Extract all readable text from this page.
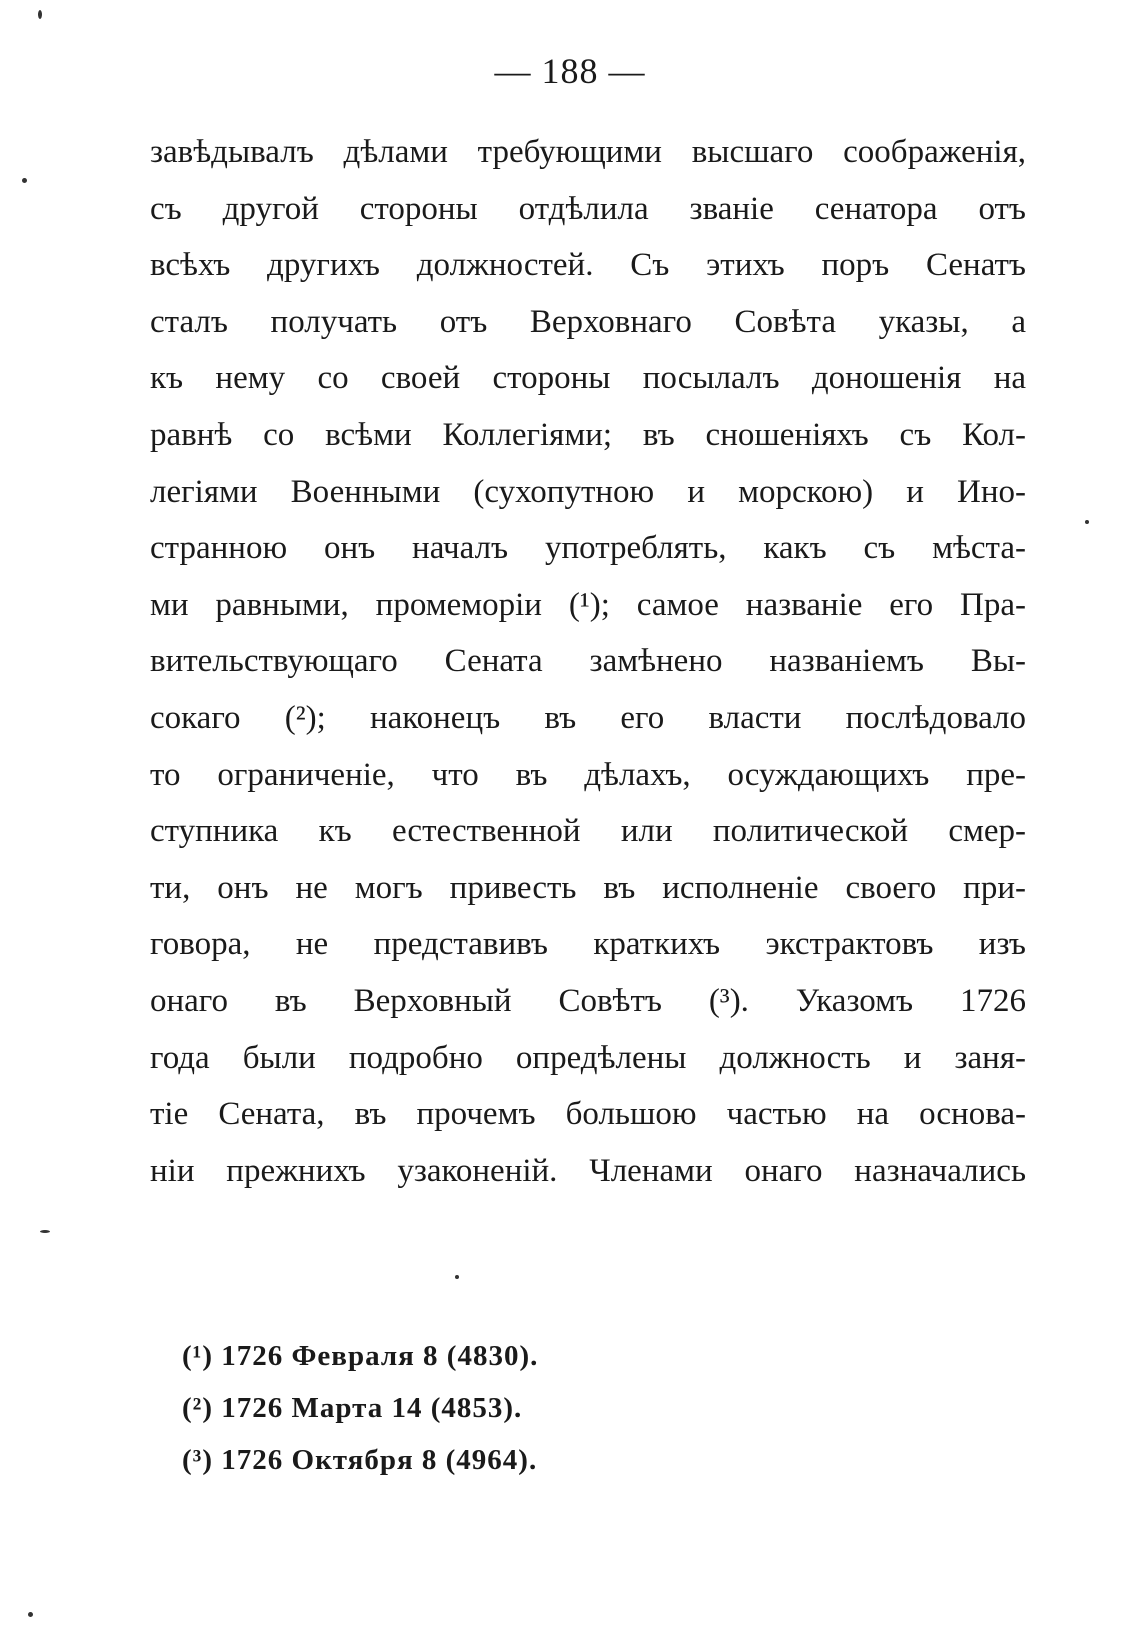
— 188 —
завѣдывалъ дѣлами требующими высшаго соображенія,
съ другой стороны отдѣлила званіе сенатора отъ
всѣхъ другихъ должностей. Съ этихъ поръ Сенатъ
сталъ получать отъ Верховнаго Совѣта указы, а
къ нему со своей стороны посылалъ доношенія на
равнѣ со всѣми Коллегіями; въ сношеніяхъ съ Кол-
легіями Военными (сухопутною и морскою) и Ино-
странною онъ началъ употреблять, какъ съ мѣста-
ми равными, промеморіи (¹); самое названіе его Пра-
вительствующаго Сената замѣнено названіемъ Вы-
сокаго (²); наконецъ въ его власти послѣдовало
то ограниченіе, что въ дѣлахъ, осуждающихъ пре-
ступника къ естественной или политической смер-
ти, онъ не могъ привесть въ исполненіе своего при-
говора, не представивъ краткихъ экстрактовъ изъ
онаго въ Верховный Совѣтъ (³). Указомъ 1726
года были подробно опредѣлены должность и заня-
тіе Сената, въ прочемъ большою частью на основа-
ніи прежнихъ узаконеній. Членами онаго назначались
(¹) 1726 Февраля 8 (4830).
(²) 1726 Марта 14 (4853).
(³) 1726 Октября 8 (4964).
